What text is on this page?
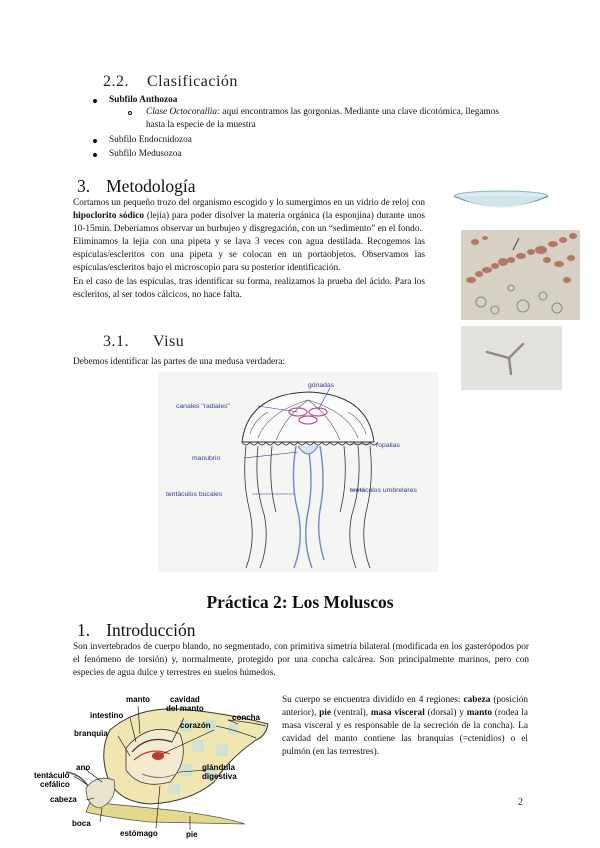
2.2. Clasificación
Subfilo Anthozoa
Clase Octocorallia: aquí encontramos las gorgonias. Mediante una clave dicotómica, llegamos
hasta la especie de la muestra
Subfilo Endocnidozoa
Subfilo Medusozoa
3. Metodología
Cortamos un pequeño trozo del organismo escogido y lo sumergimos en un vidrio de reloj con hipoclorito sódico (lejía) para poder disolver la materia orgánica (la esponjina) durante unos 10-15min. Deberíamos observar un burbujeo y disgregación, con un “sedimento” en el fondo.
Eliminamos la lejía con una pipeta y se lava 3 veces con agua destilada. Recogemos las espículas/escleritos con una pipeta y se colocan en un portaobjetos. Observamos las espículas/escleritos bajo el microscopio para su posterior identificación.
En el caso de las espículas, tras identificar su forma, realizamos la prueba del ácido. Para los escleritos, al ser todos cálcicos, no hace falta.
3.1. Visu
Debemos identificar las partes de una medusa verdadera:
gónadas
canales "radiales"
ropalias
manubrio
tentáculos bucales
tentáculos umbrelares
Práctica 2: Los Moluscos
1. Introducción
Son invertebrados de cuerpo blando, no segmentado, con primitiva simetría bilateral (modificada en los gasterópodos por el fenómeno de torsión) y, normalmente, protegido por una concha calcárea. Son principalmente marinos, pero con especies de agua dulce y terrestres en suelos húmedos.
manto	cavidad
del manto
concha
intestino
corazón
branquia
ano
tentáculo
cefálico
glándula
digestiva
cabeza
boca
estómago	pie
Su cuerpo se encuentra dividido en 4 regiones: cabeza (posición anterior), pie (ventral), masa visceral (dorsal) y manto (rodea la masa visceral y es responsable de la secreción de la concha). La cavidad del manto contiene las branquias (=ctenidios) o el pulmón (en las terrestres).
2
